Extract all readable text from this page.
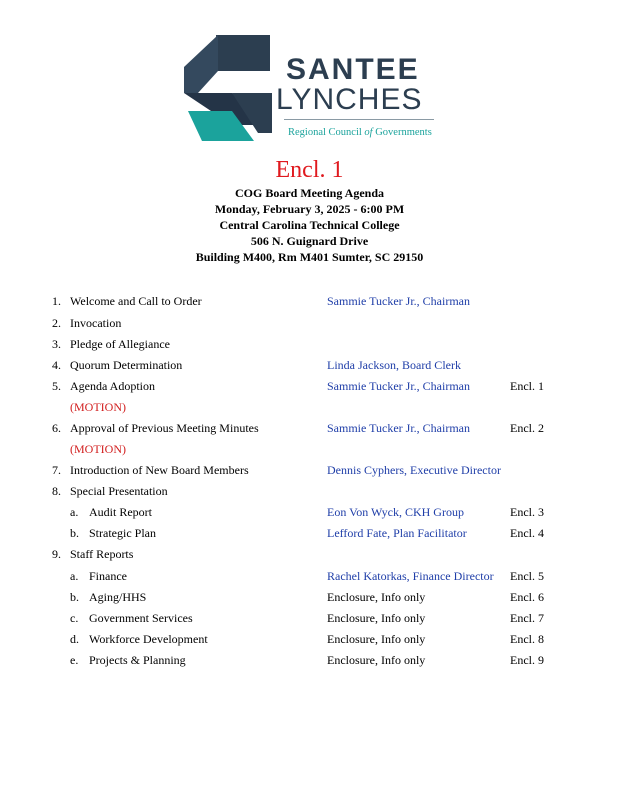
SANTEE
LYNCHES
Regional Council of Governments
Encl. 1
COG Board Meeting Agenda
Monday, February 3, 2025 - 6:00 PM
Central Carolina Technical College
506 N. Guignard Drive
Building M400, Rm M401 Sumter, SC 29150
1. Welcome and Call to Order	Sammie Tucker Jr., Chairman
2. Invocation
3. Pledge of Allegiance
4. Quorum Determination	Linda Jackson, Board Clerk
5. Agenda Adoption	Sammie Tucker Jr., Chairman	Encl. 1
(MOTION)
6. Approval of Previous Meeting Minutes	Sammie Tucker Jr., Chairman	Encl. 2
(MOTION)
7. Introduction of New Board Members	Dennis Cyphers, Executive Director
8. Special Presentation
a. Audit Report	Eon Von Wyck, CKH Group	Encl. 3
b. Strategic Plan	Lefford Fate, Plan Facilitator	Encl. 4
9. Staff Reports
a. Finance	Rachel Katorkas, Finance Director Encl. 5
b. Aging/HHS	Enclosure, Info only	Encl. 6
c. Government Services	Enclosure, Info only	Encl. 7
d. Workforce Development	Enclosure, Info only	Encl. 8
e. Projects & Planning	Enclosure, Info only	Encl. 9
